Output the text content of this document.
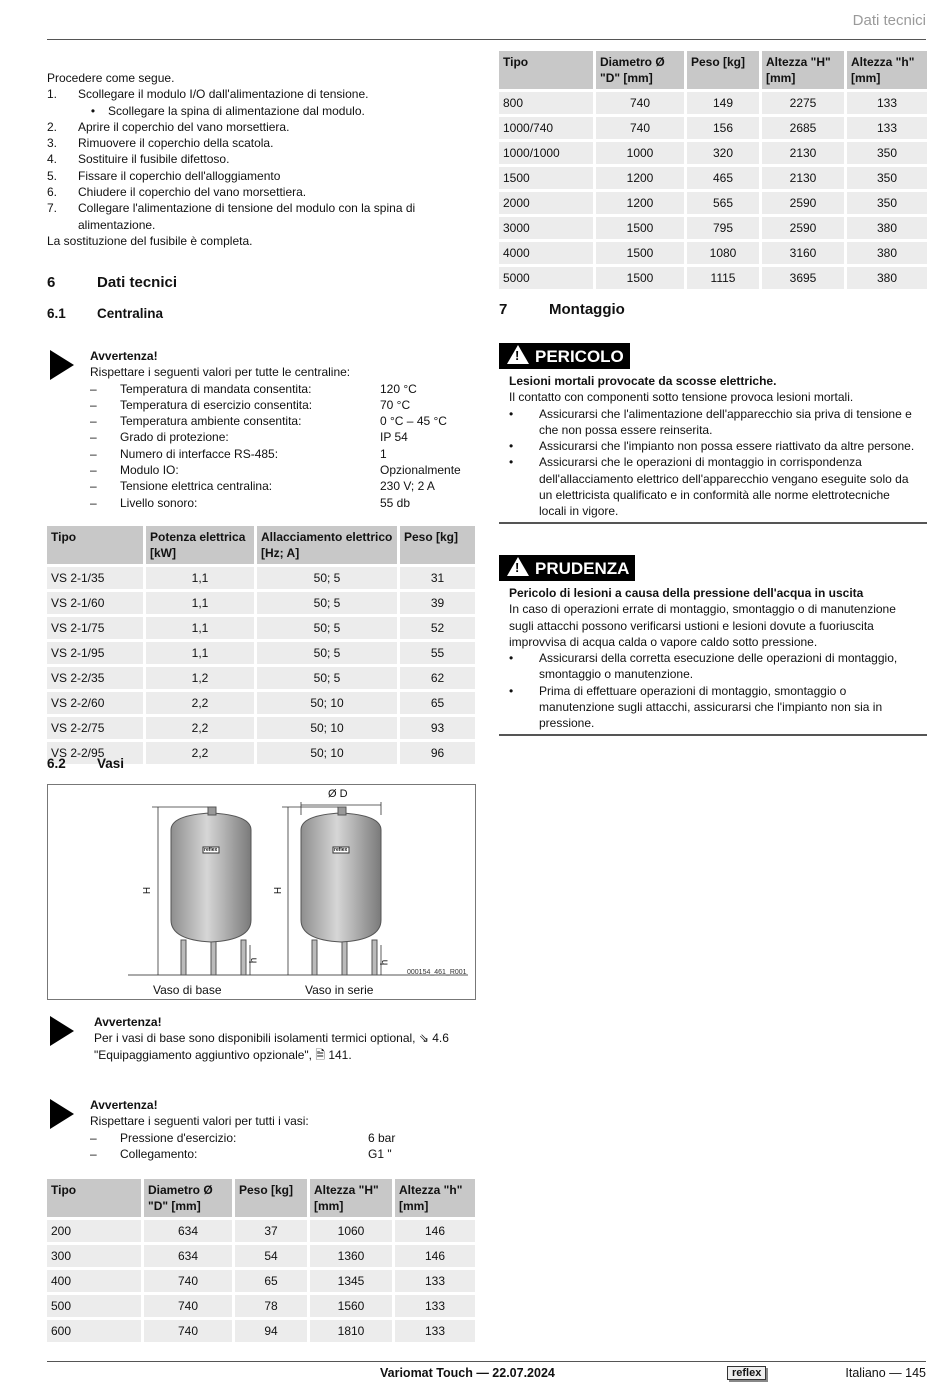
Dati tecnici
Procedere come segue.
1.	Scollegare il modulo I/O dall'alimentazione di tensione.
•	Scollegare la spina di alimentazione dal modulo.
2.	Aprire il coperchio del vano morsettiera.
3.	Rimuovere il coperchio della scatola.
4.	Sostituire il fusibile difettoso.
5.	Fissare il coperchio dell'alloggiamento
6.	Chiudere il coperchio del vano morsettiera.
7.	Collegare l'alimentazione di tensione del modulo con la spina di alimentazione.
La sostituzione del fusibile è completa.
6	Dati tecnici
6.1 Centralina
Avvertenza!
Rispettare i seguenti valori per tutte le centraline:
–	Temperatura di mandata consentita:	120 °C
–	Temperatura di esercizio consentita:	70 °C
–	Temperatura ambiente consentita:	0 °C – 45 °C
–	Grado di protezione:	IP 54
–	Numero di interfacce RS-485:	1
–	Modulo IO:	Opzionalmente
–	Tensione elettrica centralina:	230 V; 2 A
–	Livello sonoro:	55 db
Tipo	Potenza elettrica [kW]	Allacciamento elettrico [Hz; A]	Peso [kg]
VS 2-1/35	1,1	50; 5	31
VS 2-1/60	1,1	50; 5	39
VS 2-1/75	1,1	50; 5	52
VS 2-1/95	1,1	50; 5	55
VS 2-2/35	1,2	50; 5	62
VS 2-2/60	2,2	50; 10	65
VS 2-2/75	2,2	50; 10	93
VS 2-2/95	2,2	50; 10	96
6.2 Vasi
Ø D
H	H
h	h
reflex	reflex
000154_461_R001
Vaso di base	Vaso in serie
Avvertenza!
Per i vasi di base sono disponibili isolamenti termici optional, ⇘ 4.6
"Equipaggiamento aggiuntivo opzionale", 🗎 141.
Avvertenza!
Rispettare i seguenti valori per tutti i vasi:
–	Pressione d'esercizio:	6 bar
–	Collegamento:	G1 "
Tipo	Diametro Ø "D" [mm]	Peso [kg]	Altezza "H" [mm]	Altezza "h" [mm]
200	634	37	1060	146
300	634	54	1360	146
400	740	65	1345	133
500	740	78	1560	133
600	740	94	1810	133
Tipo	Diametro Ø "D" [mm]	Peso [kg]	Altezza "H" [mm]	Altezza "h" [mm]
800	740	149	2275	133
1000/740	740	156	2685	133
1000/1000	1000	320	2130	350
1500	1200	465	2130	350
2000	1200	565	2590	350
3000	1500	795	2590	380
4000	1500	1080	3160	380
5000	1500	1115	3695	380
7	Montaggio
! PERICOLO
Lesioni mortali provocate da scosse elettriche.
Il contatto con componenti sotto tensione provoca lesioni mortali.
•	Assicurarsi che l'alimentazione dell'apparecchio sia priva di tensione e che non possa essere reinserita.
•	Assicurarsi che l'impianto non possa essere riattivato da altre persone.
•	Assicurarsi che le operazioni di montaggio in corrispondenza dell'allacciamento elettrico dell'apparecchio vengano eseguite solo da un elettricista qualificato e in conformità alle norme elettrotecniche locali in vigore.
! PRUDENZA
Pericolo di lesioni a causa della pressione dell'acqua in uscita
In caso di operazioni errate di montaggio, smontaggio o di manutenzione sugli attacchi possono verificarsi ustioni e lesioni dovute a fuoriuscita improvvisa di acqua calda o vapore caldo sotto pressione.
•	Assicurarsi della corretta esecuzione delle operazioni di montaggio, smontaggio o manutenzione.
•	Prima di effettuare operazioni di montaggio, smontaggio o manutenzione sugli attacchi, assicurarsi che l'impianto non sia in pressione.
Variomat Touch — 22.07.2024	reflex	Italiano — 145
